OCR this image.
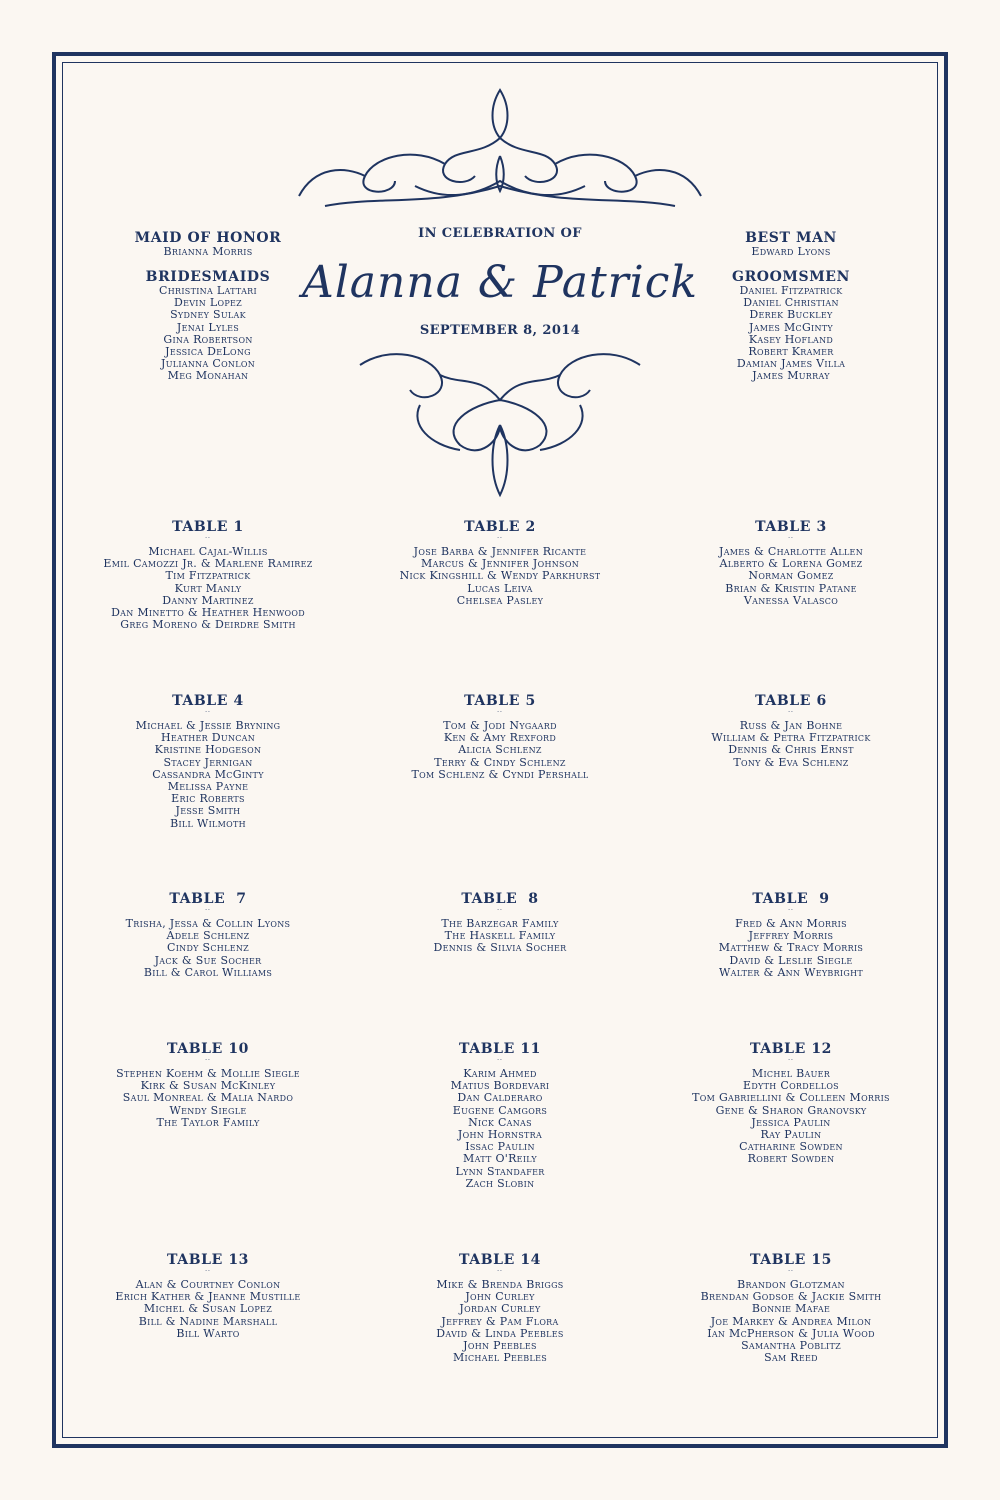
IN CELEBRATION OF
Alanna & Patrick
SEPTEMBER 8, 2014
MAID OF HONOR
Brianna Morris
BRIDESMAIDS
Christina Lattari
Devin Lopez
Sydney Sulak
Jenai Lyles
Gina Robertson
Jessica DeLong
Julianna Conlon
Meg Monahan
BEST MAN
Edward Lyons
GROOMSMEN
Daniel Fitzpatrick
Daniel Christian
Derek Buckley
James McGinty
Kasey Hofland
Robert Kramer
Damian James Villa
James Murray
TABLE 1
··
Michael Cajal-Willis
Emil Camozzi Jr. & Marlene Ramirez
Tim Fitzpatrick
Kurt Manly
Danny Martinez
Dan Minetto & Heather Henwood
Greg Moreno & Deirdre Smith
TABLE 2
··
Jose Barba & Jennifer Ricante
Marcus & Jennifer Johnson
Nick Kingshill & Wendy Parkhurst
Lucas Leiva
Chelsea Pasley
TABLE 3
··
James & Charlotte Allen
Alberto & Lorena Gomez
Norman Gomez
Brian & Kristin Patane
Vanessa Valasco
TABLE 4
··
Michael & Jessie Bryning
Heather Duncan
Kristine Hodgeson
Stacey Jernigan
Cassandra McGinty
Melissa Payne
Eric Roberts
Jesse Smith
Bill Wilmoth
TABLE 5
··
Tom & Jodi Nygaard
Ken & Amy Rexford
Alicia Schlenz
Terry & Cindy Schlenz
Tom Schlenz & Cyndi Pershall
TABLE 6
··
Russ & Jan Bohne
William & Petra Fitzpatrick
Dennis & Chris Ernst
Tony & Eva Schlenz
TABLE  7
··
Trisha, Jessa & Collin Lyons
Adele Schlenz
Cindy Schlenz
Jack & Sue Socher
Bill & Carol Williams
TABLE  8
··
The Barzegar Family
The Haskell Family
Dennis & Silvia Socher
TABLE  9
··
Fred & Ann Morris
Jeffrey Morris
Matthew & Tracy Morris
David & Leslie Siegle
Walter & Ann Weybright
TABLE 10
··
Stephen Koehm & Mollie Siegle
Kirk & Susan McKinley
Saul Monreal & Malia Nardo
Wendy Siegle
The Taylor Family
TABLE 11
··
Karim Ahmed
Matius Bordevari
Dan Calderaro
Eugene Camgors
Nick Canas
John Hornstra
Issac Paulin
Matt O'Reily
Lynn Standafer
Zach Slobin
TABLE 12
··
Michel Bauer
Edyth Cordellos
Tom Gabriellini & Colleen Morris
Gene & Sharon Granovsky
Jessica Paulin
Ray Paulin
Catharine Sowden
Robert Sowden
TABLE 13
··
Alan & Courtney Conlon
Erich Kather & Jeanne Mustille
Michel & Susan Lopez
Bill & Nadine Marshall
Bill Warto
TABLE 14
··
Mike & Brenda Briggs
John Curley
Jordan Curley
Jeffrey & Pam Flora
David & Linda Peebles
John Peebles
Michael Peebles
TABLE 15
··
Brandon Glotzman
Brendan Godsoe & Jackie Smith
Bonnie Mafae
Joe Markey & Andrea Milon
Ian McPherson & Julia Wood
Samantha Poblitz
Sam Reed
